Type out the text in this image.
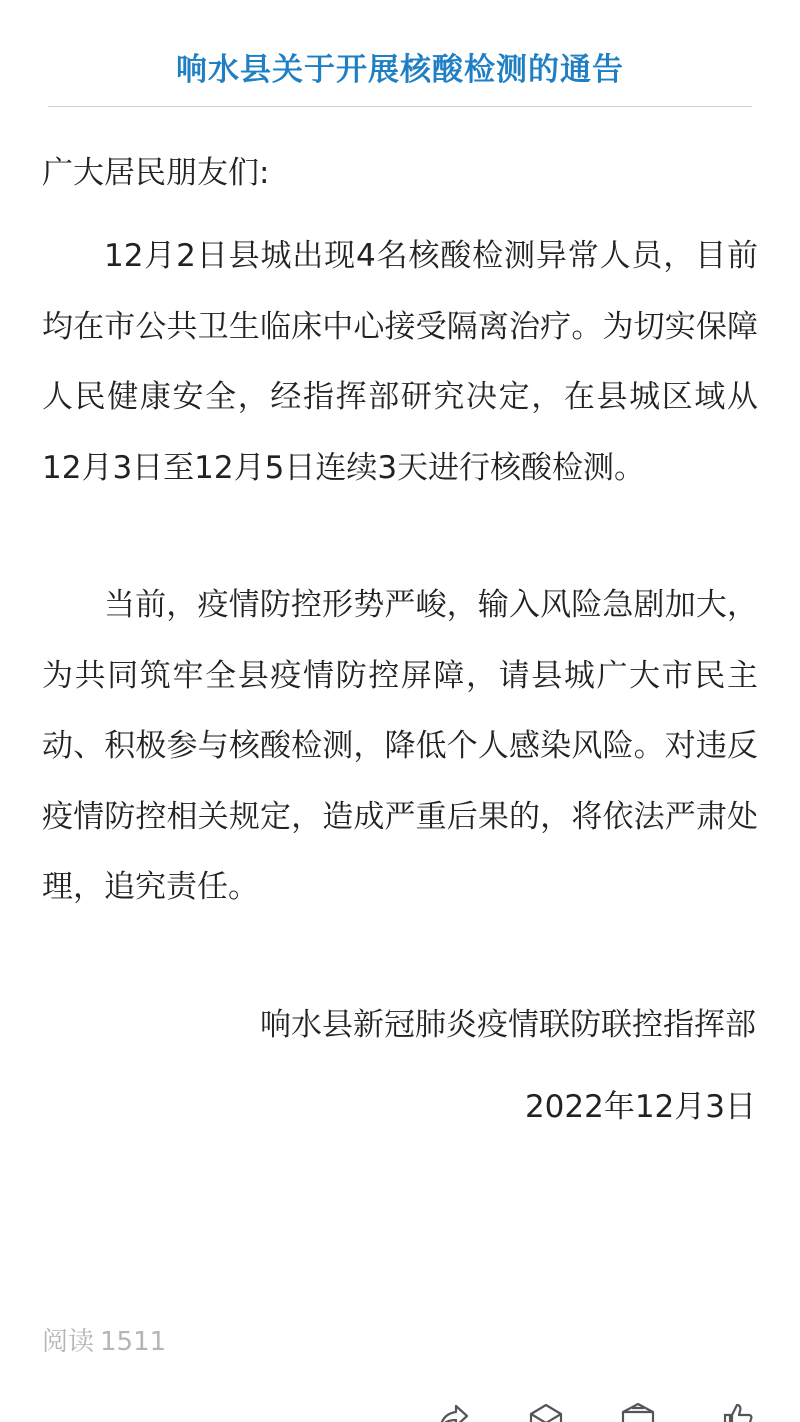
响水县关于开展核酸检测的通告
广大居民朋友们:

12月2日县城出现4名核酸检测异常人员，目前均在市公共卫生临床中心接受隔离治疗。为切实保障人民健康安全，经指挥部研究决定，在县城区域从12月3日至12月5日连续3天进行核酸检测。

当前，疫情防控形势严峻，输入风险急剧加大，为共同筑牢全县疫情防控屏障，请县城广大市民主动、积极参与核酸检测，降低个人感染风险。对违反疫情防控相关规定，造成严重后果的，将依法严肃处理，追究责任。

响水县新冠肺炎疫情联防联控指挥部
2022年12月3日
阅读 1511
